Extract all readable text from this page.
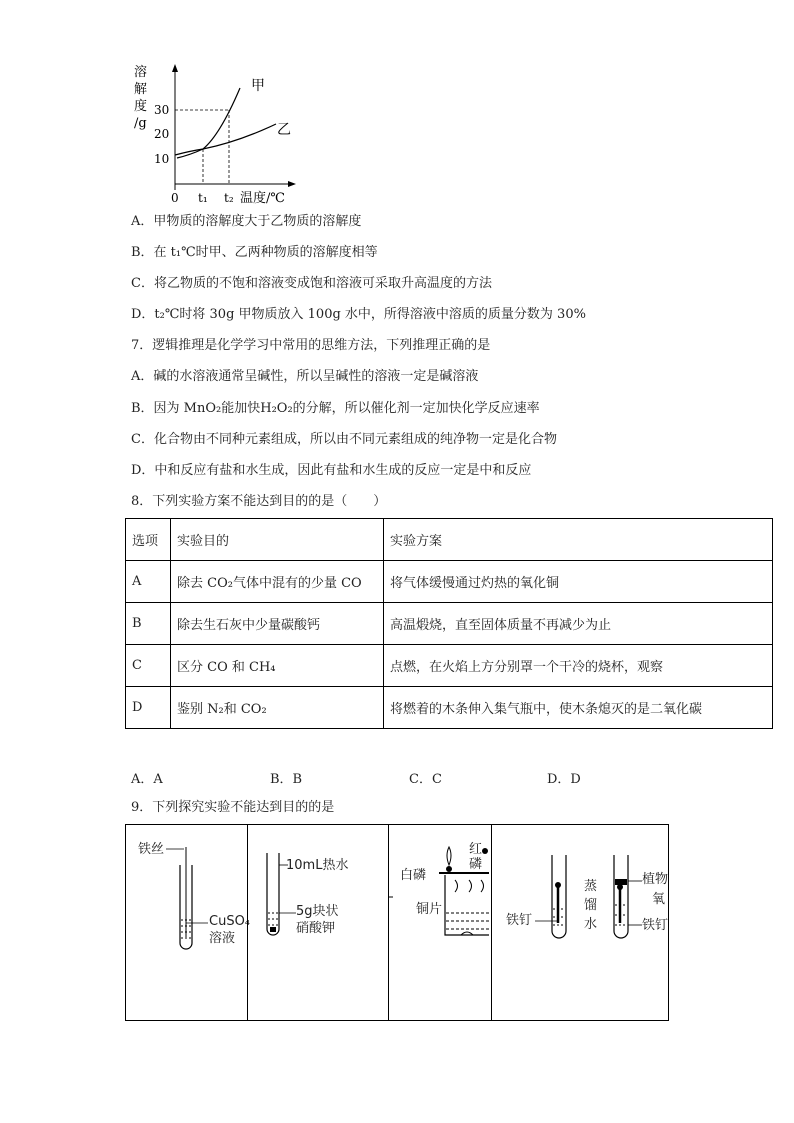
溶
解
度
/g
30
20
10
0 t₁ t₂ 温度/℃
甲
乙
A．甲物质的溶解度大于乙物质的溶解度
B．在 t₁℃时甲、乙两种物质的溶解度相等
C．将乙物质的不饱和溶液变成饱和溶液可采取升高温度的方法
D．t₂℃时将 30g 甲物质放入 100g 水中，所得溶液中溶质的质量分数为 30%
7．逻辑推理是化学学习中常用的思维方法，下列推理正确的是
A．碱的水溶液通常呈碱性，所以呈碱性的溶液一定是碱溶液
B．因为 MnO₂能加快H₂O₂的分解，所以催化剂一定加快化学反应速率
C．化合物由不同种元素组成，所以由不同元素组成的纯净物一定是化合物
D．中和反应有盐和水生成，因此有盐和水生成的反应一定是中和反应
8．下列实验方案不能达到目的的是（　　）
选项	实验目的	实验方案
A	除去 CO₂气体中混有的少量 CO	将气体缓慢通过灼热的氧化铜
B	除去生石灰中少量碳酸钙	高温煅烧，直至固体质量不再减少为止
C	区分 CO 和 CH₄	点燃，在火焰上方分别罩一个干冷的烧杯，观察
D	鉴别 N₂和 CO₂	将燃着的木条伸入集气瓶中，使木条熄灭的是二氧化碳
A．A	B．B	C．C	D．D
9．下列探究实验不能达到目的的是
铁丝
CuSO₄
溶液
10mL热水
5g块状
硝酸钾
红磷
白磷
铜片
铁钉
蒸
馏
水
植物
氧
铁钉
